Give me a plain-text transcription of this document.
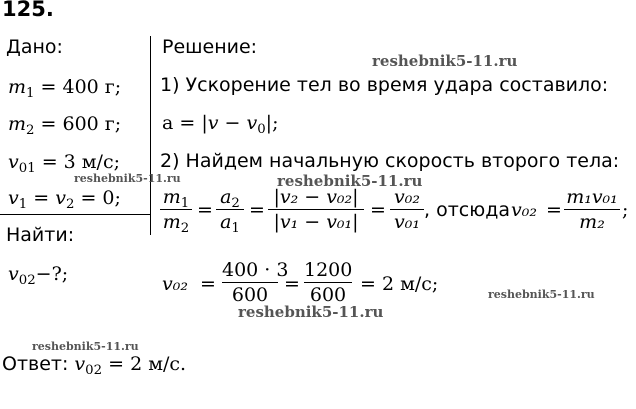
125.
Дано:
$m_1 = 400$ г;
$m_2 = 600$ г;
$v_{01} = 3$ м/с;
$v_1 = v_2 = 0$;
Найти:
$v_{02}-$?;
Решение:
1) Ускорение тел во время удара составило:
$a = |v - v_0|$;
2) Найдем начальную скорость второго тела:
$m_1$
$m_2$
=
$a_2$
$a_1$
=
|v₂ − v₀₂|
|v₁ − v₀₁|
=
v₀₂
v₀₁
, отсюда v₀₂ =
m₁v₀₁
m₂
;
v₀₂ =
400 · 3
600 =
1200
600 = 2 м/с;
Ответ: $v_{02} = 2$ м/с.
reshebnik5-11.ru
reshebnik5-11.ru
reshebnik5-11.ru
reshebnik5-11.ru
reshebnik5-11.ru
reshebnik5-11.ru
